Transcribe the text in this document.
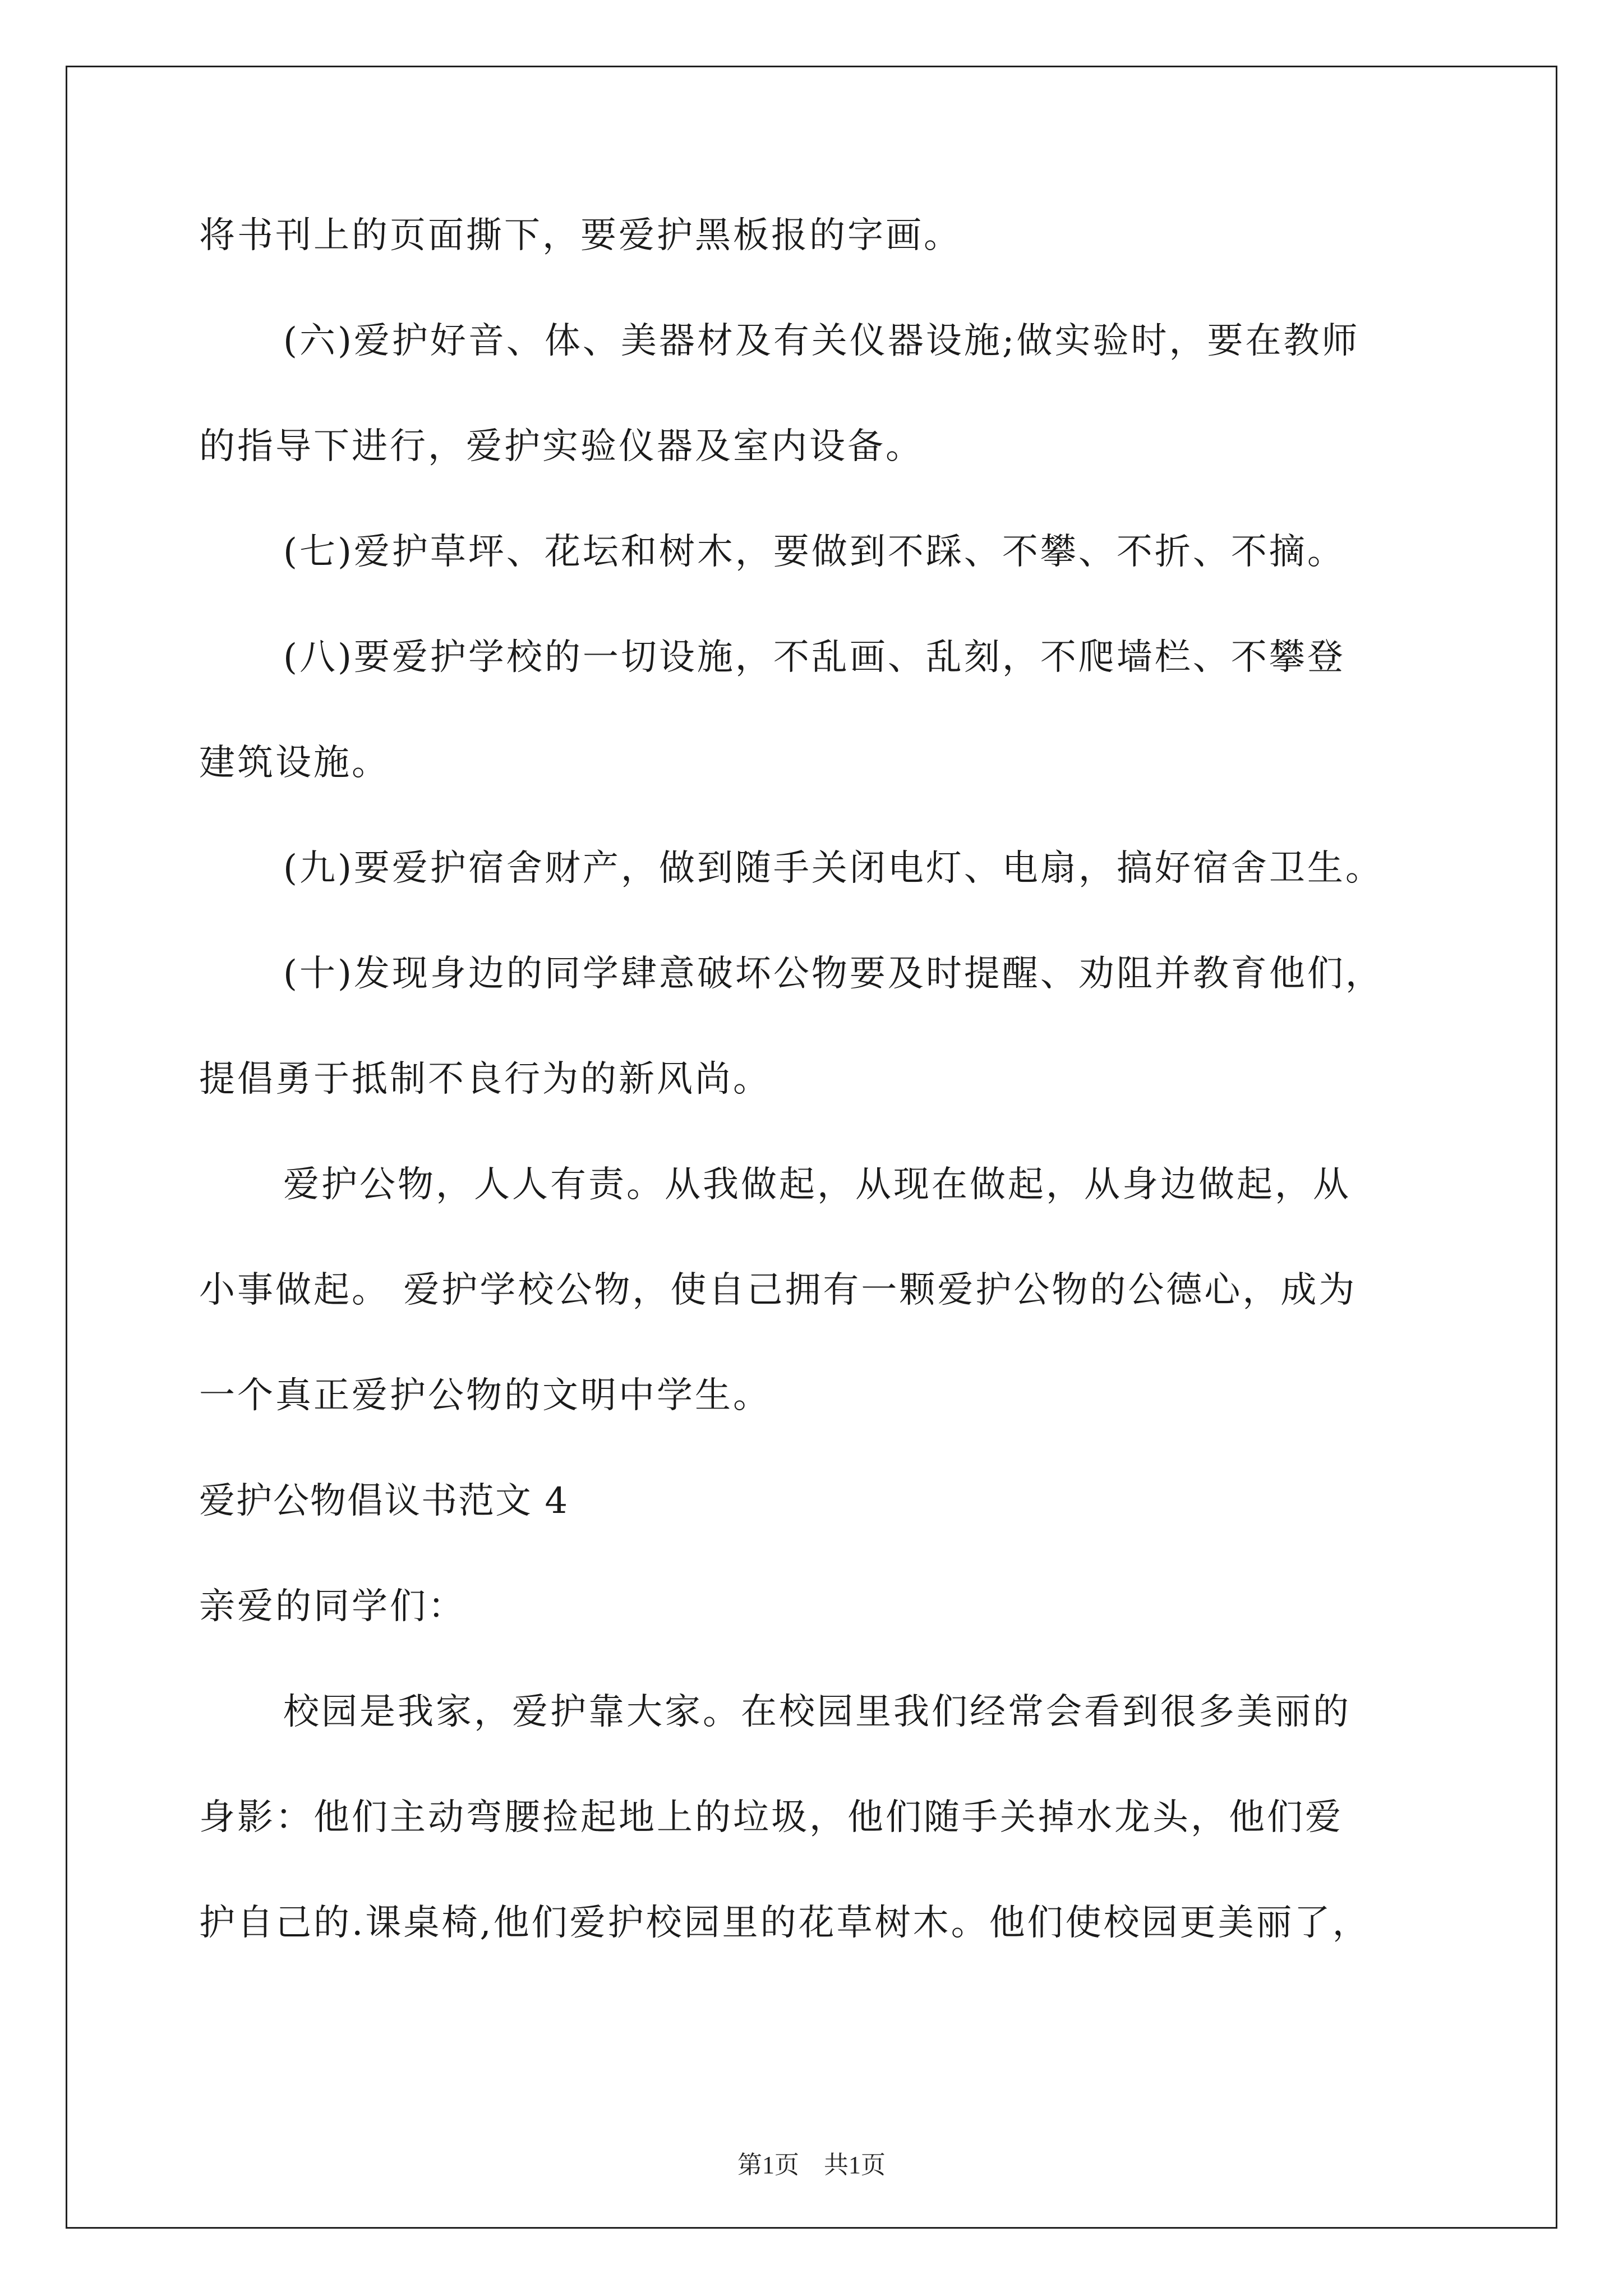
将书刊上的页面撕下，要爱护黑板报的字画。
(六)爱护好音、体、美器材及有关仪器设施;做实验时，要在教师
的指导下进行，爱护实验仪器及室内设备。
(七)爱护草坪、花坛和树木，要做到不踩、不攀、不折、不摘。
(八)要爱护学校的一切设施，不乱画、乱刻，不爬墙栏、不攀登
建筑设施。
(九)要爱护宿舍财产，做到随手关闭电灯、电扇，搞好宿舍卫生。
(十)发现身边的同学肆意破坏公物要及时提醒、劝阻并教育他们，
提倡勇于抵制不良行为的新风尚。
爱护公物，人人有责。从我做起，从现在做起，从身边做起，从
小事做起。 爱护学校公物，使自己拥有一颗爱护公物的公德心，成为
一个真正爱护公物的文明中学生。
爱护公物倡议书范文 4
亲爱的同学们：
校园是我家，爱护靠大家。在校园里我们经常会看到很多美丽的
身影：他们主动弯腰捡起地上的垃圾，他们随手关掉水龙头，他们爱
护自己的.课桌椅,他们爱护校园里的花草树木。他们使校园更美丽了，
第1页　共1页
